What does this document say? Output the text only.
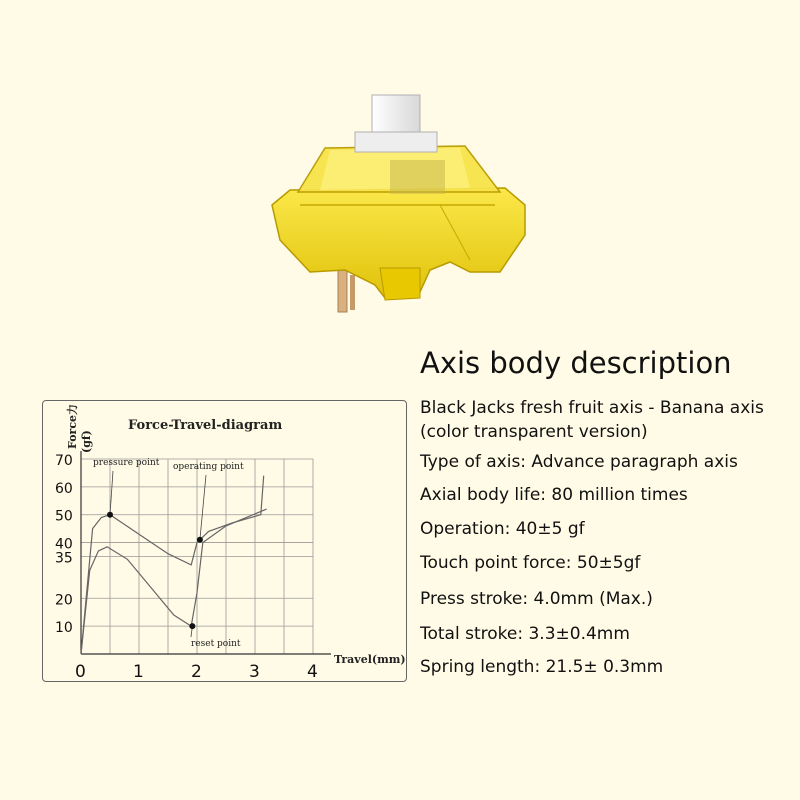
Axis body description
Black Jacks fresh fruit axis - Banana axis
(color transparent version)
Type of axis: Advance paragraph axis
Axial body life: 80 million times
Operation: 40±5 gf
Touch point force: 50±5gf
Press stroke: 4.0mm (Max.)
Total stroke: 3.3±0.4mm
Spring length: 21.5± 0.3mm
Force-Travel-diagram
Force力 (gf)
Travel(mm)
0	1	2	3	4
10
20
35
40
50
60
70 pressure point operating point
reset point
